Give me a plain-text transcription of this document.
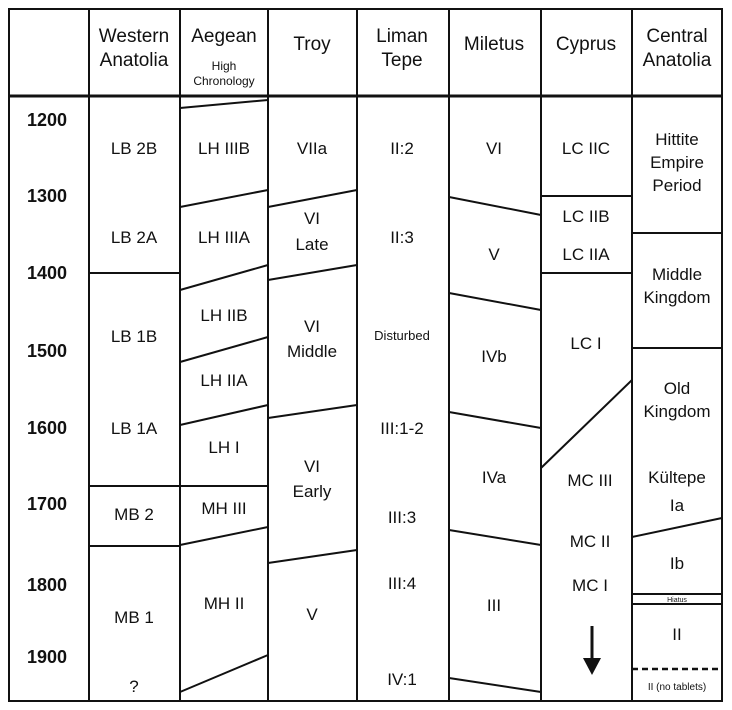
Western
Anatolia
Aegean
High
Chronology
Troy Liman
Tepe
Miletus Cyprus Central
Anatolia
1200
1300
1400
1500
1600
1700
1800
1900
LB 2B
LB 2A
LB 1B
LB 1A
MB 2
MB 1
?
LH IIIB
LH IIIA
LH IIB
LH IIA
LH I
MH III
MH II
VIIa
VI
Late
VI
Middle
VI
Early
V
II:2
II:3
Disturbed
III:1-2
III:3
III:4
IV:1
VI
V
IVb
IVa
III
LC IIC
LC IIB
LC IIA
LC I
MC III
MC II
MC I
Hittite
Empire
Period
Middle
Kingdom
Old
Kingdom
Kültepe
Ia
Ib
Hiatus
II
II (no tablets)
